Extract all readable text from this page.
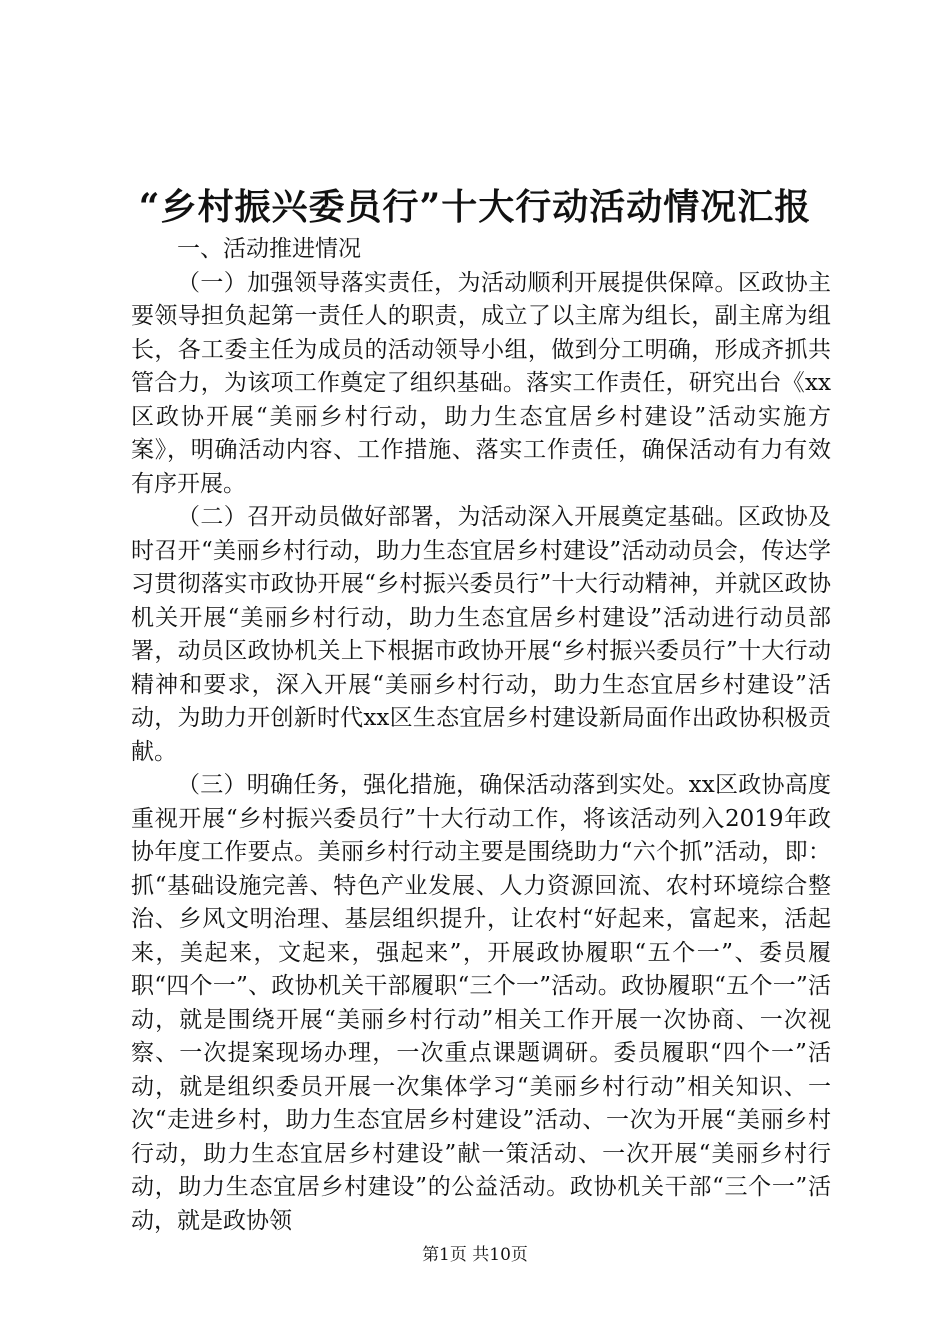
“乡村振兴委员行”十大行动活动情况汇报

一、活动推进情况

（一）加强领导落实责任，为活动顺利开展提供保障。区政协主要领导担负起第一责任人的职责，成立了以主席为组长，副主席为组长，各工委主任为成员的活动领导小组，做到分工明确，形成齐抓共管合力，为该项工作奠定了组织基础。落实工作责任，研究出台《xx区政协开展“美丽乡村行动，助力生态宜居乡村建设”活动实施方案》，明确活动内容、工作措施、落实工作责任，确保活动有力有效有序开展。

（二）召开动员做好部署，为活动深入开展奠定基础。区政协及时召开“美丽乡村行动，助力生态宜居乡村建设”活动动员会，传达学习贯彻落实市政协开展“乡村振兴委员行”十大行动精神，并就区政协机关开展“美丽乡村行动，助力生态宜居乡村建设”活动进行动员部署，动员区政协机关上下根据市政协开展“乡村振兴委员行”十大行动精神和要求，深入开展“美丽乡村行动，助力生态宜居乡村建设”活动，为助力开创新时代xx区生态宜居乡村建设新局面作出政协积极贡献。

（三）明确任务，强化措施，确保活动落到实处。xx区政协高度重视开展“乡村振兴委员行”十大行动工作，将该活动列入2019年政协年度工作要点。美丽乡村行动主要是围绕助力“六个抓”活动，即：抓“基础设施完善、特色产业发展、人力资源回流、农村环境综合整治、乡风文明治理、基层组织提升，让农村“好起来，富起来，活起来，美起来，文起来，强起来”，开展政协履职“五个一”、委员履职“四个一”、政协机关干部履职“三个一”活动。政协履职“五个一”活动，就是围绕开展“美丽乡村行动”相关工作开展一次协商、一次视察、一次提案现场办理，一次重点课题调研。委员履职“四个一”活动，就是组织委员开展一次集体学习“美丽乡村行动”相关知识、一次“走进乡村，助力生态宜居乡村建设”活动、一次为开展“美丽乡村行动，助力生态宜居乡村建设”献一策活动、一次开展“美丽乡村行动，助力生态宜居乡村建设”的公益活动。政协机关干部“三个一”活动，就是政协领

第1页 共10页
